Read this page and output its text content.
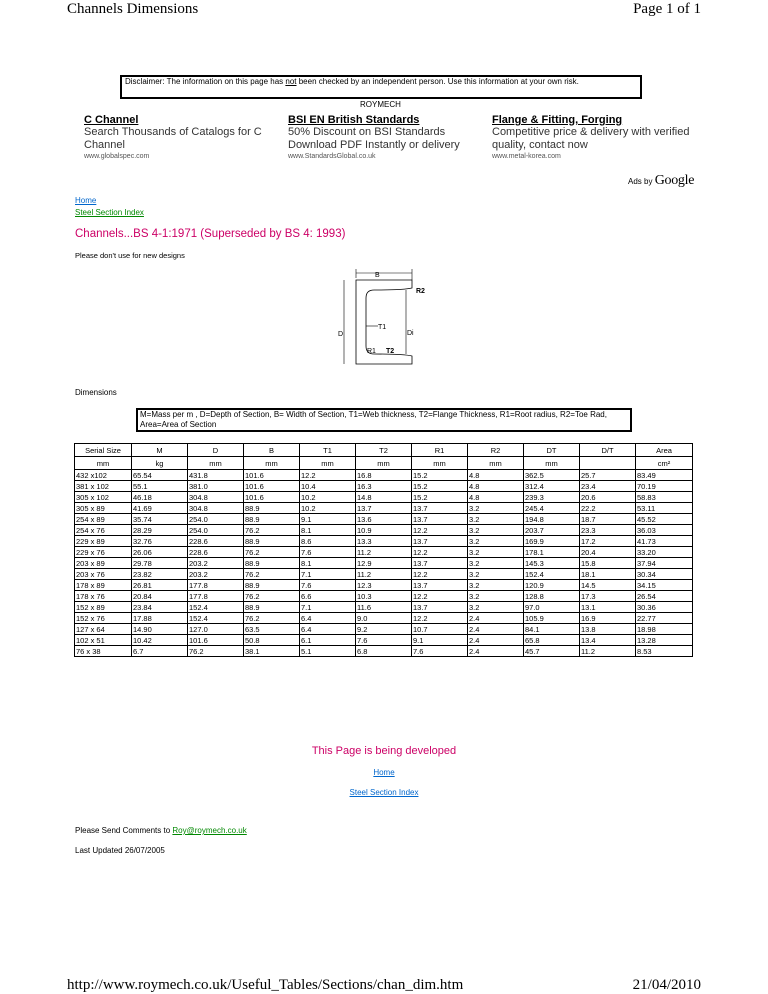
Channels Dimensions	Page 1 of 1
Disclaimer: The information on this page has not been checked by an independent person. Use this information at your own risk.
ROYMECH
C Channel
Search Thousands of Catalogs for C Channel
www.globalspec.com
BSI EN British Standards
50% Discount on BSI Standards Download PDF Instantly or delivery
www.StandardsGlobal.co.uk
Flange & Fitting, Forging
Competitive price & delivery with verified quality, contact now
www.metal-korea.com
Ads by Google
Home
Steel Section Index
Channels...BS 4-1:1971 (Superseded by BS 4: 1993)
Please don't use for new designs
B
R2
T1
D	Di
R1 T2
Dimensions
M=Mass per m , D=Depth of Section, B= Width of Section, T1=Web thickness, T2=Flange Thickness, R1=Root radius, R2=Toe Rad, Area=Area of Section
Serial Size	M	D	B	T1	T2	R1	R2	DT	D/T	Area
mm	kg	mm	mm	mm	mm	mm	mm	mm		cm²
432 x102	65.54	431.8	101.6	12.2	16.8	15.2	4.8	362.5	25.7	83.49
381 x 102	55.1	381.0	101.6	10.4	16.3	15.2	4.8	312.4	23.4	70.19
305 x 102	46.18	304.8	101.6	10.2	14.8	15.2	4.8	239.3	20.6	58.83
305 x 89	41.69	304.8	88.9	10.2	13.7	13.7	3.2	245.4	22.2	53.11
254 x 89	35.74	254.0	88.9	9.1	13.6	13.7	3.2	194.8	18.7	45.52
254 x 76	28.29	254.0	76.2	8.1	10.9	12.2	3.2	203.7	23.3	36.03
229 x 89	32.76	228.6	88.9	8.6	13.3	13.7	3.2	169.9	17.2	41.73
229 x 76	26.06	228.6	76.2	7.6	11.2	12.2	3.2	178.1	20.4	33.20
203 x 89	29.78	203.2	88.9	8.1	12.9	13.7	3.2	145.3	15.8	37.94
203 x 76	23.82	203.2	76.2	7.1	11.2	12.2	3.2	152.4	18.1	30.34
178 x 89	26.81	177.8	88.9	7.6	12.3	13.7	3.2	120.9	14.5	34.15
178 x 76	20.84	177.8	76.2	6.6	10.3	12.2	3.2	128.8	17.3	26.54
152 x 89	23.84	152.4	88.9	7.1	11.6	13.7	3.2	97.0	13.1	30.36
152 x 76	17.88	152.4	76.2	6.4	9.0	12.2	2.4	105.9	16.9	22.77
127 x 64	14.90	127.0	63.5	6.4	9.2	10.7	2.4	84.1	13.8	18.98
102 x 51	10.42	101.6	50.8	6.1	7.6	9.1	2.4	65.8	13.4	13.28
76 x 38	6.7	76.2	38.1	5.1	6.8	7.6	2.4	45.7	11.2	8.53
This Page is being developed
Home
Steel Section Index
Please Send Comments to Roy@roymech.co.uk
Last Updated 26/07/2005
http://www.roymech.co.uk/Useful_Tables/Sections/chan_dim.htm	21/04/2010
